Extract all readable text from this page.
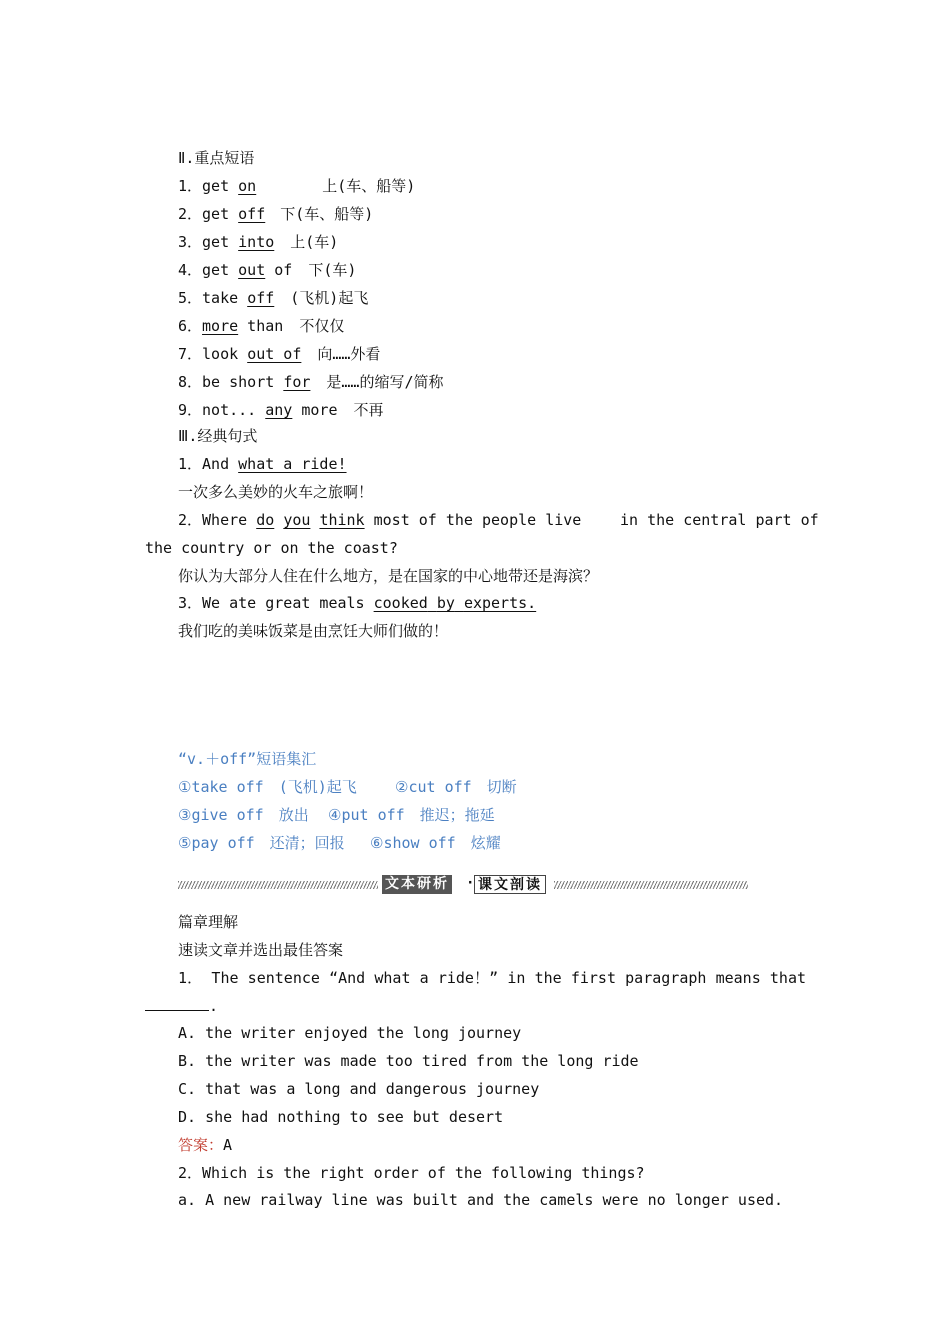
Ⅱ.重点短语
1．get on	上(车、船等)
2．get off 下(车、船等)
3．get into 上(车)
4．get out of 下(车)
5．take off (飞机)起飞
6．more than 不仅仅
7．look out of 向……外看
8．be short for 是……的缩写/简称
9．not... any more 不再
Ⅲ.经典句式
1．And what a ride!
一次多么美妙的火车之旅啊！
2．Where do you think most of the people live	in the central part of
the country or on the coast?
你认为大部分人住在什么地方，是在国家的中心地带还是海滨？
3．We ate great meals cooked by experts.
我们吃的美味饭菜是由烹饪大师们做的！
“v.＋off”短语集汇
①take off　(飞机)起飞	②cut off　切断
③give off　放出 ④put off　推迟；拖延
⑤pay off　还清；回报 ⑥show off　炫耀
文本研析 · 课文剖读
篇章理解
速读文章并选出最佳答案
1． The sentence “And what a ride！” in the first paragraph means that
.
A. the writer enjoyed the long journey
B. the writer was made too tired from the long ride
C. that was a long and dangerous journey
D. she had nothing to see but desert
答案：A
2．Which is the right order of the following things?
a. A new railway line was built and the camels were no longer used.
